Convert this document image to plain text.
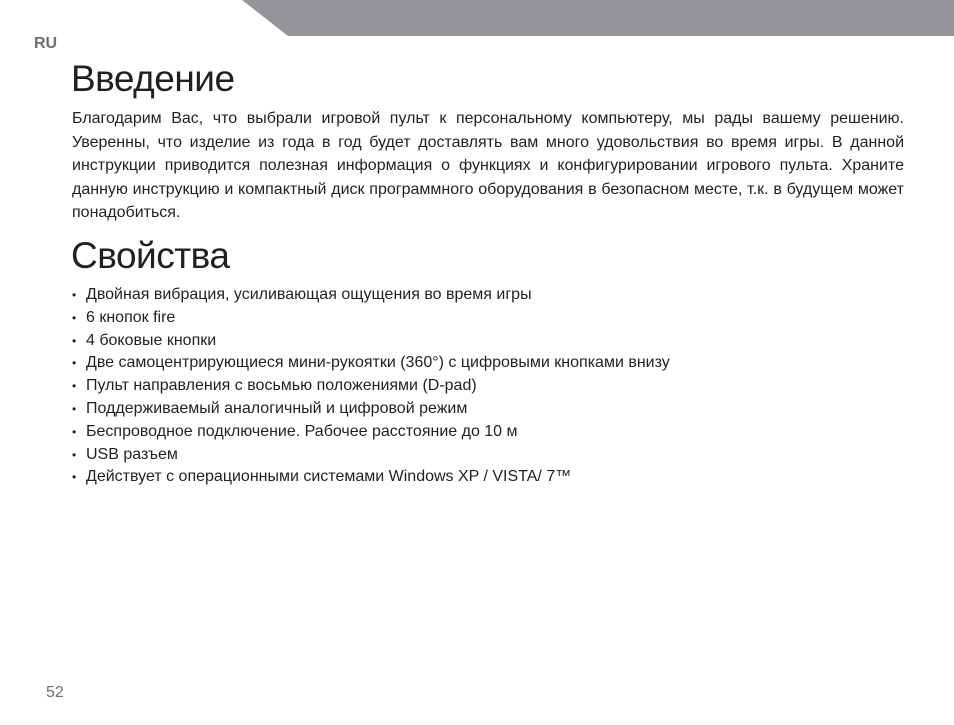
RU
Введение

Благодарим Вас, что выбрали игровой пульт к персональному компьютеру, мы рады вашему решению. Уверенны, что изделие из года в год будет доставлять вам много удовольствия во время игры. В данной инструкции приводится полезная информация о функциях и конфигурировании игрового пульта. Храните данную инструкцию и компактный диск программного оборудования в безопасном месте, т.к. в будущем может понадобиться.

Свойства
• Двойная вибрация, усиливающая ощущения во время игры
• 6 кнопок fire
• 4 боковые кнопки
• Две самоцентрирующиеся мини-рукоятки (360°) с цифровыми кнопками внизу
• Пульт направления с восьмью положениями (D-pad)
• Поддерживаемый аналогичный и цифровой режим
• Беспроводное подключение. Рабочее расстояние до 10 м
• USB разъем
• Действует с операционными системами Windows XP / VISTA/ 7™
52
